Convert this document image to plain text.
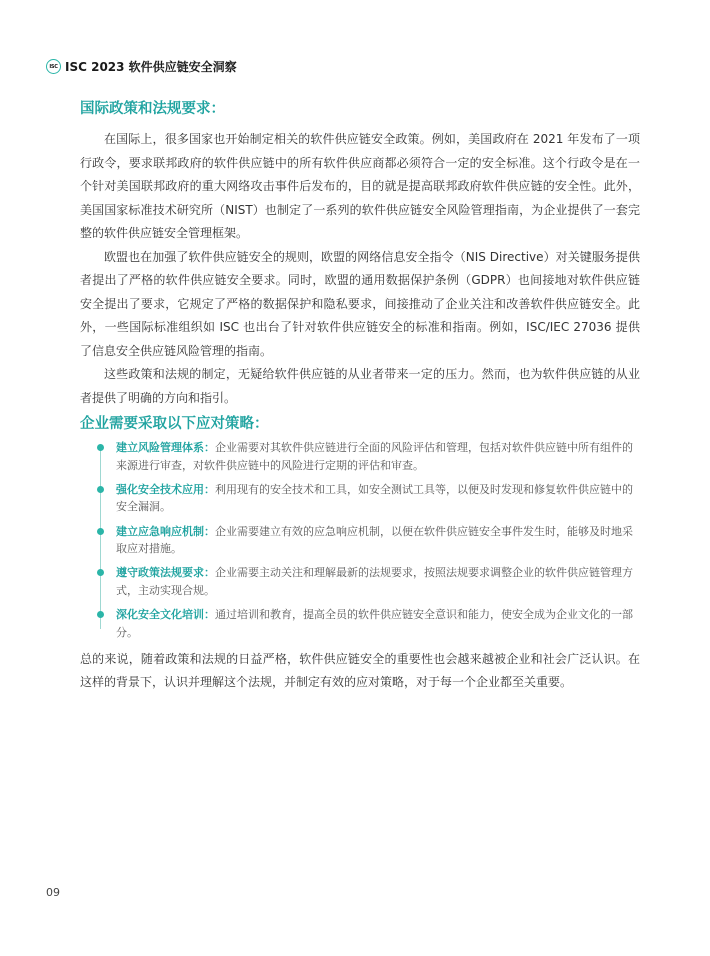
ISC ISC 2023 软件供应链安全洞察
国际政策和法规要求：

在国际上，很多国家也开始制定相关的软件供应链安全政策。例如，美国政府在 2021 年发布了一项行政令，要求联邦政府的软件供应链中的所有软件供应商都必须符合一定的安全标准。这个行政令是在一个针对美国联邦政府的重大网络攻击事件后发布的，目的就是提高联邦政府软件供应链的安全性。此外，美国国家标准技术研究所（NIST）也制定了一系列的软件供应链安全风险管理指南，为企业提供了一套完整的软件供应链安全管理框架。

欧盟也在加强了软件供应链安全的规则，欧盟的网络信息安全指令（NIS Directive）对关键服务提供者提出了严格的软件供应链安全要求。同时，欧盟的通用数据保护条例（GDPR）也间接地对软件供应链安全提出了要求，它规定了严格的数据保护和隐私要求，间接推动了企业关注和改善软件供应链安全。此外，一些国际标准组织如 ISC 也出台了针对软件供应链安全的标准和指南。例如，ISC/IEC 27036 提供了信息安全供应链风险管理的指南。

这些政策和法规的制定，无疑给软件供应链的从业者带来一定的压力。然而，也为软件供应链的从业者提供了明确的方向和指引。

企业需要采取以下应对策略：
建立风险管理体系：企业需要对其软件供应链进行全面的风险评估和管理，包括对软件供应链中所有组件的来源进行审查，对软件供应链中的风险进行定期的评估和审查。
强化安全技术应用：利用现有的安全技术和工具，如安全测试工具等，以便及时发现和修复软件供应链中的安全漏洞。
建立应急响应机制：企业需要建立有效的应急响应机制，以便在软件供应链安全事件发生时，能够及时地采取应对措施。
遵守政策法规要求：企业需要主动关注和理解最新的法规要求，按照法规要求调整企业的软件供应链管理方式，主动实现合规。
深化安全文化培训：通过培训和教育，提高全员的软件供应链安全意识和能力，使安全成为企业文化的一部分。

总的来说，随着政策和法规的日益严格，软件供应链安全的重要性也会越来越被企业和社会广泛认识。在这样的背景下，认识并理解这个法规，并制定有效的应对策略，对于每一个企业都至关重要。

09
